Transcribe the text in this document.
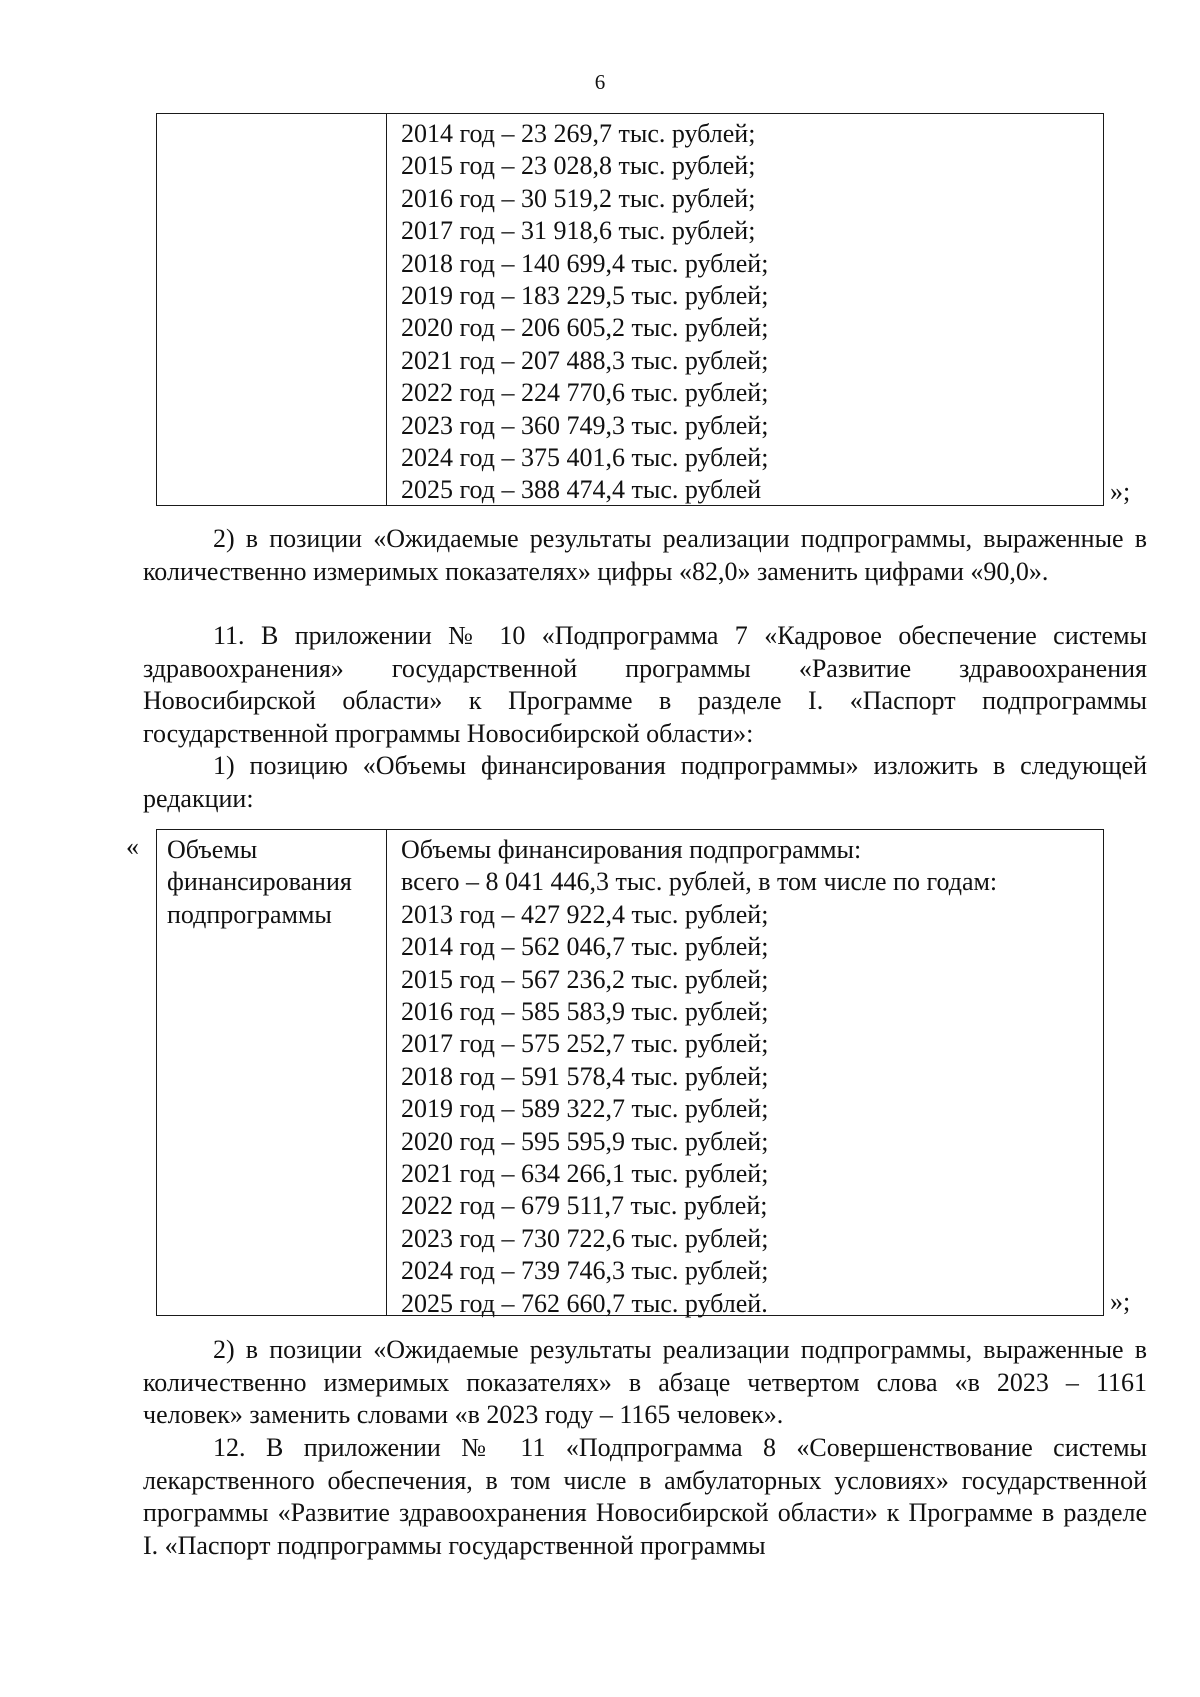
6
2014 год – 23 269,7 тыс. рублей;
2015 год – 23 028,8 тыс. рублей;
2016 год – 30 519,2 тыс. рублей;
2017 год – 31 918,6 тыс. рублей;
2018 год – 140 699,4 тыс. рублей;
2019 год – 183 229,5 тыс. рублей;
2020 год – 206 605,2 тыс. рублей;
2021 год – 207 488,3 тыс. рублей;
2022 год – 224 770,6 тыс. рублей;
2023 год – 360 749,3 тыс. рублей;
2024 год – 375 401,6 тыс. рублей;
2025 год – 388 474,4 тыс. рублей	»;
2) в позиции «Ожидаемые результаты реализации подпрограммы, выраженные в количественно измеримых показателях» цифры «82,0» заменить цифрами «90,0».
11. В приложении № 10 «Подпрограмма 7 «Кадровое обеспечение системы здравоохранения» государственной программы «Развитие здравоохранения Новосибирской области» к Программе в разделе I. «Паспорт подпрограммы государственной программы Новосибирской области»:
1) позицию «Объемы финансирования подпрограммы» изложить в следующей редакции:
« Объемы
финансирования
подпрограммы
Объемы финансирования подпрограммы:
всего – 8 041 446,3 тыс. рублей, в том числе по годам:
2013 год – 427 922,4 тыс. рублей;
2014 год – 562 046,7 тыс. рублей;
2015 год – 567 236,2 тыс. рублей;
2016 год – 585 583,9 тыс. рублей;
2017 год – 575 252,7 тыс. рублей;
2018 год – 591 578,4 тыс. рублей;
2019 год – 589 322,7 тыс. рублей;
2020 год – 595 595,9 тыс. рублей;
2021 год – 634 266,1 тыс. рублей;
2022 год – 679 511,7 тыс. рублей;
2023 год – 730 722,6 тыс. рублей;
2024 год – 739 746,3 тыс. рублей;
2025 год – 762 660,7 тыс. рублей.	»;
2) в позиции «Ожидаемые результаты реализации подпрограммы, выраженные в количественно измеримых показателях» в абзаце четвертом слова «в 2023 – 1161 человек» заменить словами «в 2023 году – 1165 человек».
12. В приложении № 11 «Подпрограмма 8 «Совершенствование системы лекарственного обеспечения, в том числе в амбулаторных условиях» государственной программы «Развитие здравоохранения Новосибирской области» к Программе в разделе I. «Паспорт подпрограммы государственной программы
